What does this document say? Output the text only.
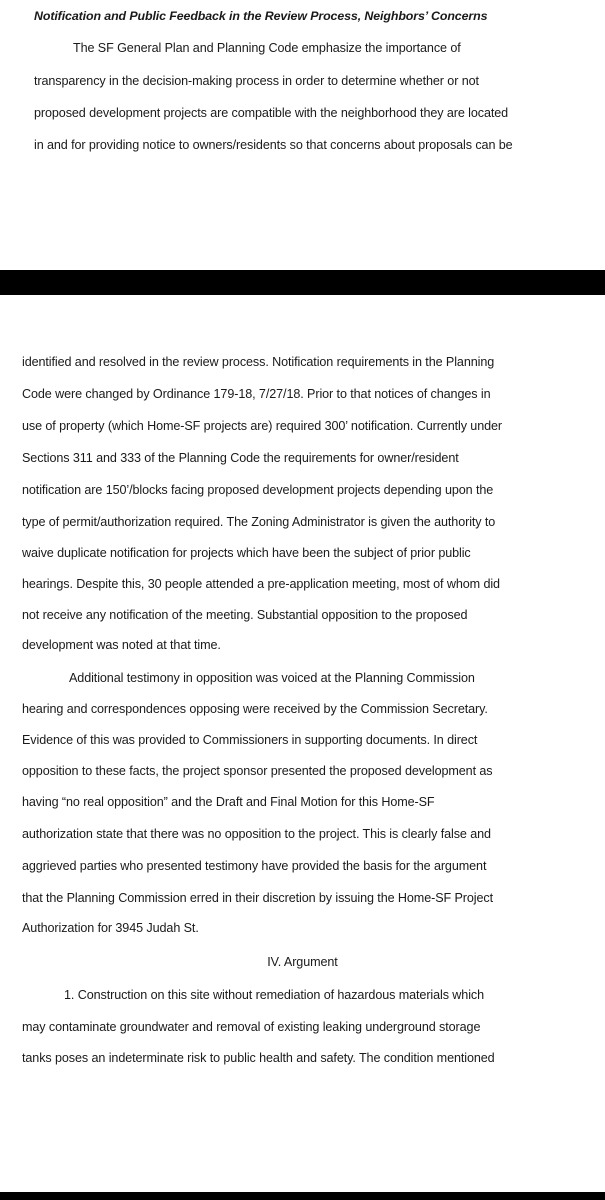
Notification and Public Feedback in the Review Process, Neighbors’ Concerns
The SF General Plan and Planning Code emphasize the importance of
transparency in the decision-making process in order to determine whether or not
proposed development projects are compatible with the neighborhood they are located
in and for providing notice to owners/residents so that concerns about proposals can be
identified and resolved in the review process. Notification requirements in the Planning
Code were changed by Ordinance 179-18, 7/27/18. Prior to that notices of changes in
use of property (which Home-SF projects are) required 300’ notification. Currently under
Sections 311 and 333 of the Planning Code the requirements for owner/resident
notification are 150’/blocks facing proposed development projects depending upon the
type of permit/authorization required. The Zoning Administrator is given the authority to
waive duplicate notification for projects which have been the subject of prior public
hearings. Despite this, 30 people attended a pre-application meeting, most of whom did
not receive any notification of the meeting. Substantial opposition to the proposed
development was noted at that time.
Additional testimony in opposition was voiced at the Planning Commission
hearing and correspondences opposing were received by the Commission Secretary.
Evidence of this was provided to Commissioners in supporting documents. In direct
opposition to these facts, the project sponsor presented the proposed development as
having “no real opposition” and the Draft and Final Motion for this Home-SF
authorization state that there was no opposition to the project. This is clearly false and
aggrieved parties who presented testimony have provided the basis for the argument
that the Planning Commission erred in their discretion by issuing the Home-SF Project
Authorization for 3945 Judah St.
IV. Argument
1. Construction on this site without remediation of hazardous materials which
may contaminate groundwater and removal of existing leaking underground storage
tanks poses an indeterminate risk to public health and safety. The condition mentioned
